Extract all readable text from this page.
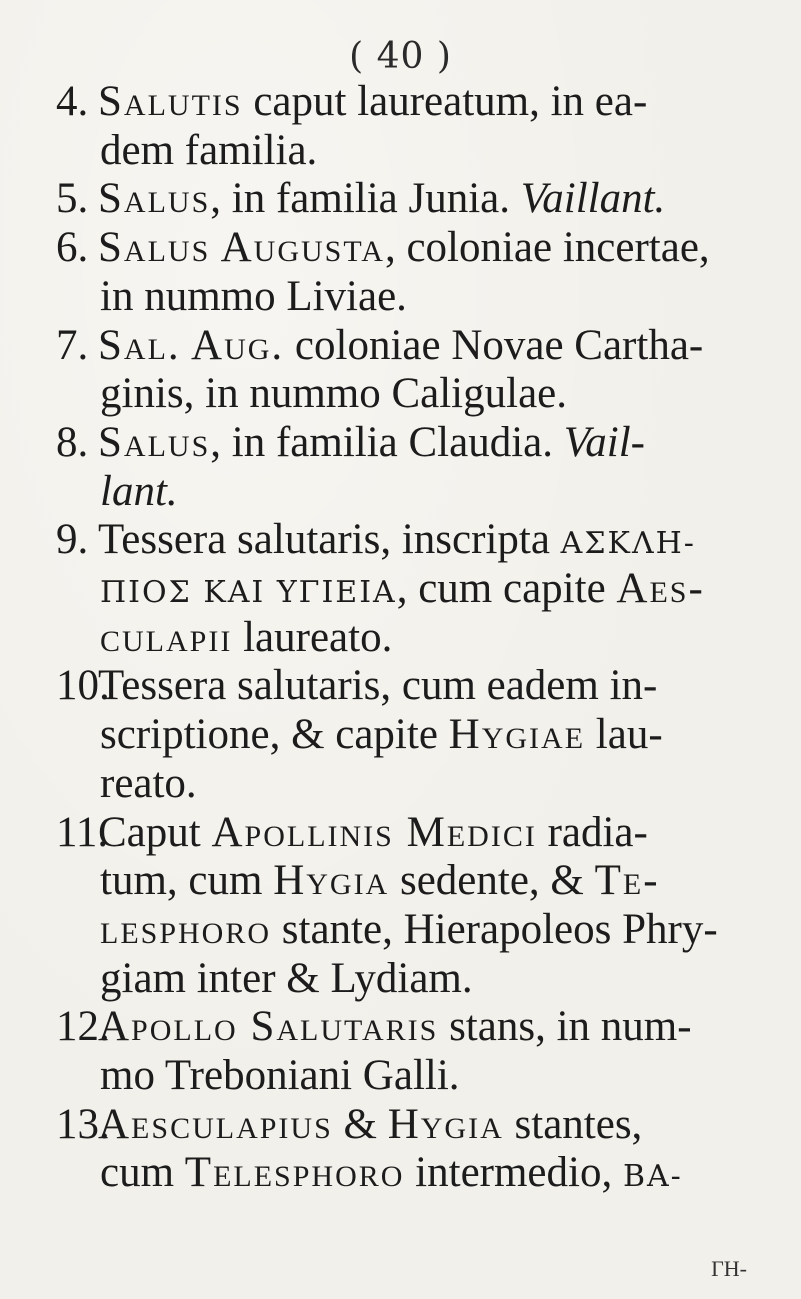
( 40 )
4. Salutis caput laureatum, in ea-
dem familia.
5. Salus, in familia Junia. Vaillant.
6. Salus Augusta, coloniae incertae,
in nummo Liviae.
7. Sal. Aug. coloniae Novae Cartha-
ginis, in nummo Caligulae.
8. Salus, in familia Claudia. Vail-
lant.
9. Tessera salutaris, inscripta ΑΣΚΛΗ-
ΠΙΟΣ ΚΑΙ ΥΓΙΕΙΑ, cum capite Aes-
culapii laureato.
10.Tessera salutaris, cum eadem in-
scriptione, & capite Hygiae lau-
reato.
11.Caput Apollinis Medici radia-
tum, cum Hygia sedente, & Te-
lesphoro stante, Hierapoleos Phry-
giam inter & Lydiam.
12.Apollo Salutaris stans, in num-
mo Treboniani Galli.
13.Aesculapius & Hygia stantes,
cum Telesphoro intermedio, ΒΑ-
ΓΗ-
